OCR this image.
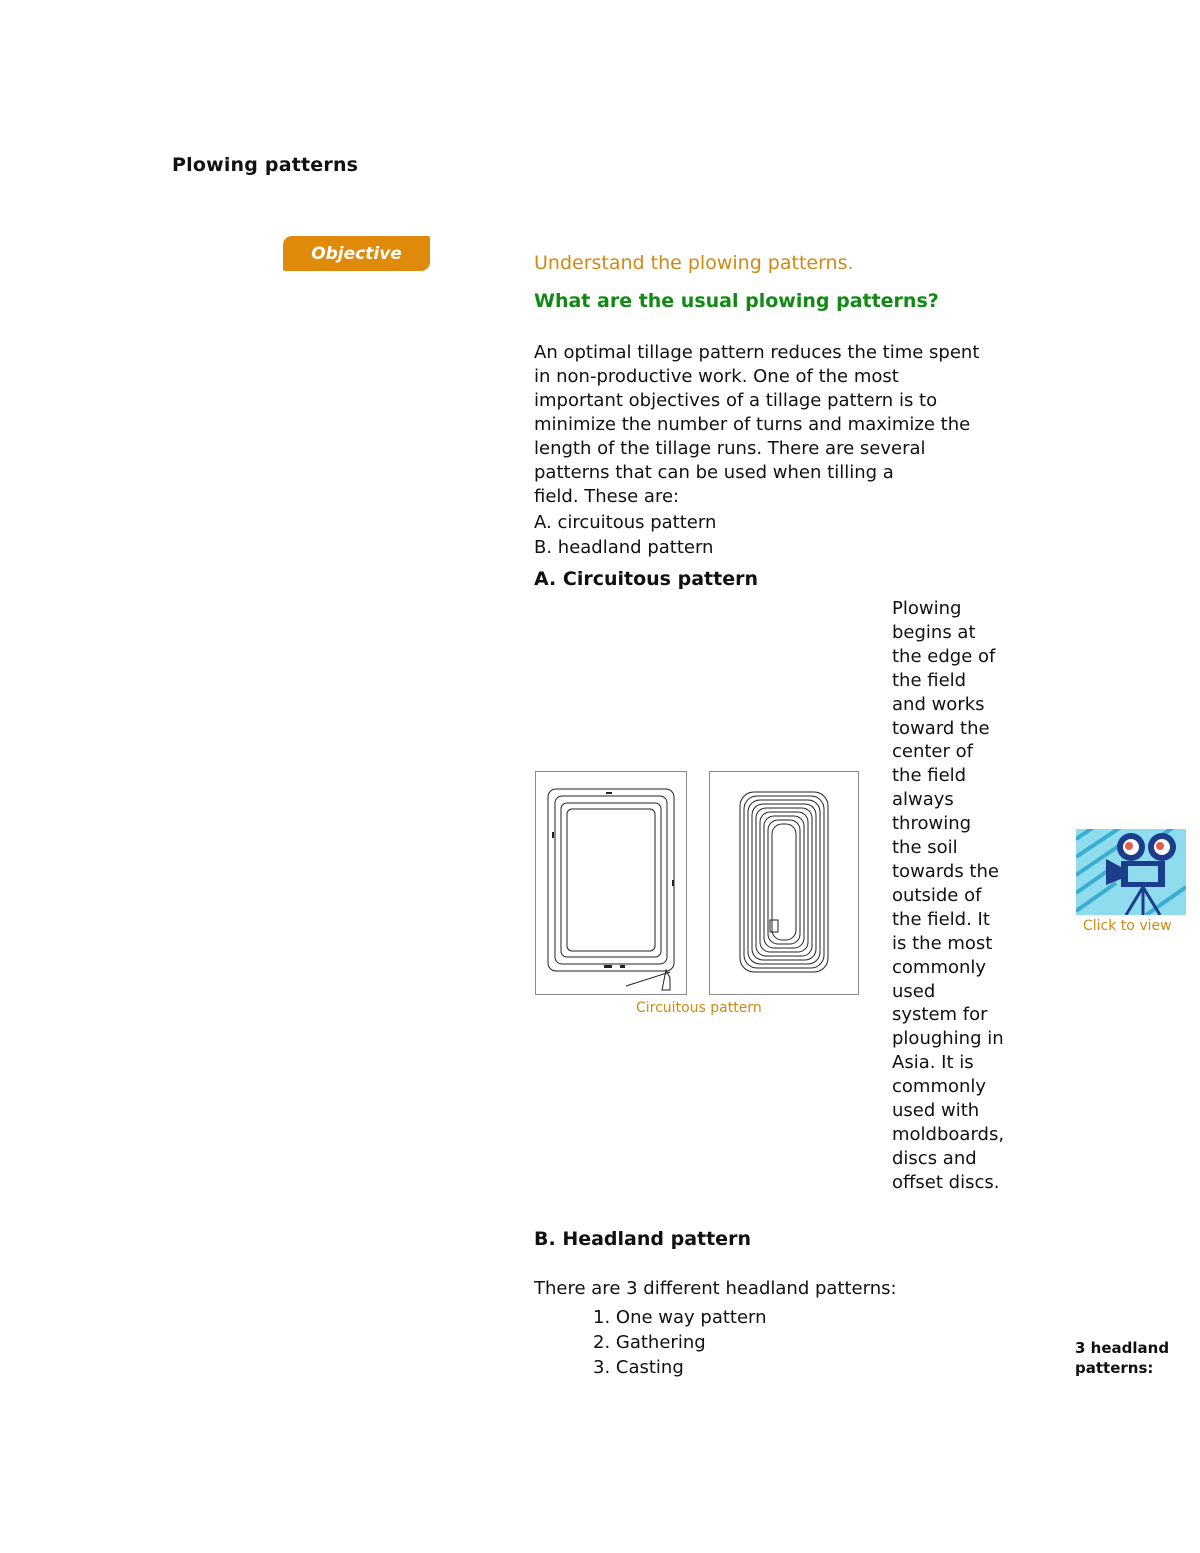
Plowing patterns
Objective	Understand the plowing patterns.
What are the usual plowing patterns?
An optimal tillage pattern reduces the time spent
in non-productive work. One of the most
important objectives of a tillage pattern is to
minimize the number of turns and maximize the
length of the tillage runs. There are several
patterns that can be used when tilling a
field. These are:
A. circuitous pattern
B. headland pattern
A. Circuitous pattern
Circuitous pattern
Plowing
begins at
the edge of
the field
and works
toward the
center of
the field
always
throwing
the soil
towards the
outside of
the field. It
is the most
commonly
used
system for
ploughing in
Asia. It is
commonly
used with
moldboards,
discs and
offset discs.
Click to view
B. Headland pattern
There are 3 different headland patterns:
1. One way pattern
2. Gathering
3. Casting
3 headland
patterns:
